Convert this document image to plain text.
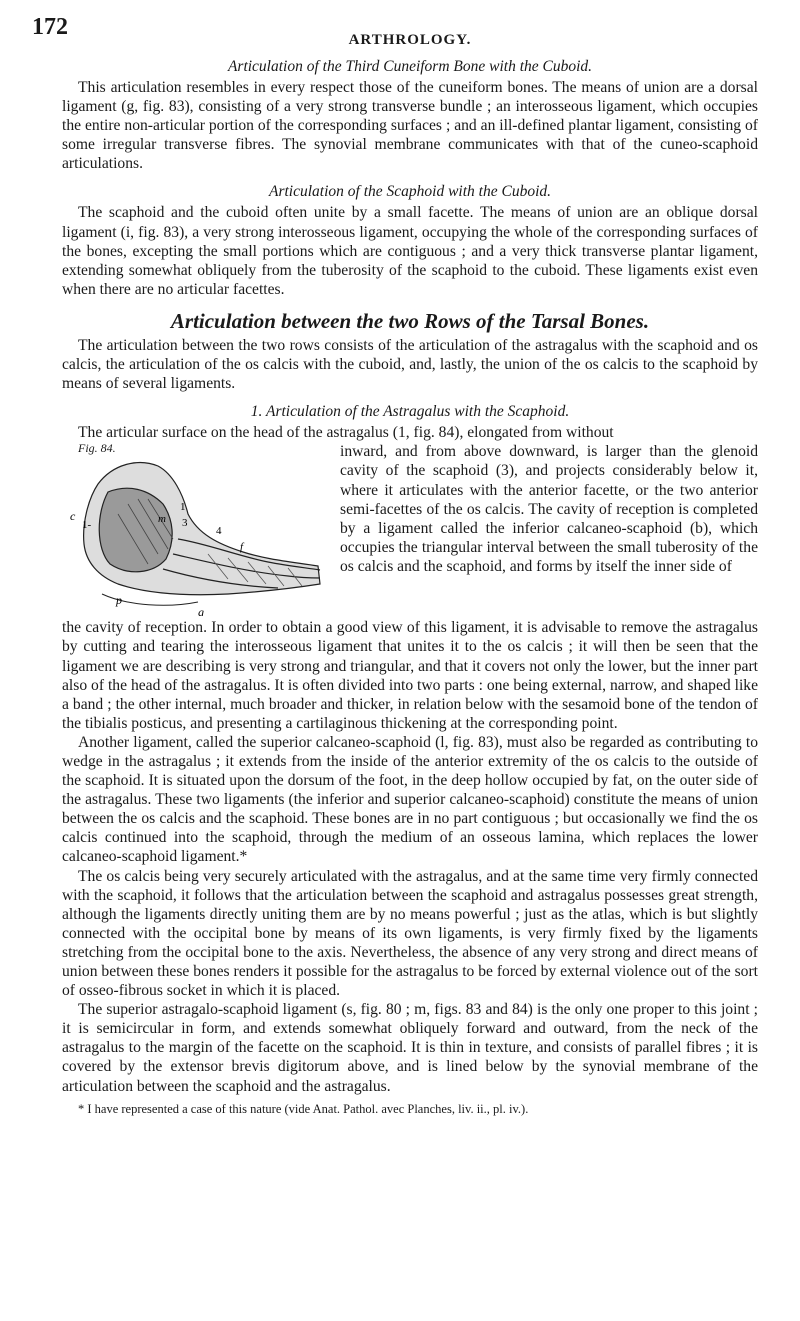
172	ARTHROLOGY.
Articulation of the Third Cuneiform Bone with the Cuboid.

This articulation resembles in every respect those of the cuneiform bones. The means of union are a dorsal ligament (g, fig. 83), consisting of a very strong transverse bundle ; an interosseous ligament, which occupies the entire non-articular portion of the corresponding surfaces ; and an ill-defined plantar ligament, consisting of some irregular transverse fibres. The synovial membrane communicates with that of the cuneo-scaphoid articulations.

Articulation of the Scaphoid with the Cuboid.

The scaphoid and the cuboid often unite by a small facette. The means of union are an oblique dorsal ligament (i, fig. 83), a very strong interosseous ligament, occupying the whole of the corresponding surfaces of the bones, excepting the small portions which are contiguous ; and a very thick transverse plantar ligament, extending somewhat obliquely from the tuberosity of the scaphoid to the cuboid. These ligaments exist even when there are no articular facettes.

Articulation between the two Rows of the Tarsal Bones.

The articulation between the two rows consists of the articulation of the astragalus with the scaphoid and os calcis, the articulation of the os calcis with the cuboid, and, lastly, the union of the os calcis to the scaphoid by means of several ligaments.

1. Articulation of the Astragalus with the Scaphoid.

The articular surface on the head of the astragalus (1, fig. 84), elongated from without

Fig. 84.
c
1-
1
m 3
4
f
p
g
inward, and from above downward, is larger than the glenoid cavity of the scaphoid (3), and projects considerably below it, where it articulates with the anterior facette, or the two anterior semi-facettes of the os calcis. The cavity of reception is completed by a ligament called the inferior calcaneo-scaphoid (b), which occupies the triangular interval between the small tuberosity of the os calcis and the scaphoid, and forms by itself the inner side of

the cavity of reception. In order to obtain a good view of this ligament, it is advisable to remove the astragalus by cutting and tearing the interosseous ligament that unites it to the os calcis ; it will then be seen that the ligament we are describing is very strong and triangular, and that it covers not only the lower, but the inner part also of the head of the astragalus. It is often divided into two parts : one being external, narrow, and shaped like a band ; the other internal, much broader and thicker, in relation below with the sesamoid bone of the tendon of the tibialis posticus, and presenting a cartilaginous thickening at the corresponding point.

Another ligament, called the superior calcaneo-scaphoid (l, fig. 83), must also be regarded as contributing to wedge in the astragalus ; it extends from the inside of the anterior extremity of the os calcis to the outside of the scaphoid. It is situated upon the dorsum of the foot, in the deep hollow occupied by fat, on the outer side of the astragalus. These two ligaments (the inferior and superior calcaneo-scaphoid) constitute the means of union between the os calcis and the scaphoid. These bones are in no part contiguous ; but occasionally we find the os calcis continued into the scaphoid, through the medium of an osseous lamina, which replaces the lower calcaneo-scaphoid ligament.*

The os calcis being very securely articulated with the astragalus, and at the same time very firmly connected with the scaphoid, it follows that the articulation between the scaphoid and astragalus possesses great strength, although the ligaments directly uniting them are by no means powerful ; just as the atlas, which is but slightly connected with the occipital bone by means of its own ligaments, is very firmly fixed by the ligaments stretching from the occipital bone to the axis. Nevertheless, the absence of any very strong and direct means of union between these bones renders it possible for the astragalus to be forced by external violence out of the sort of osseo-fibrous socket in which it is placed.

The superior astragalo-scaphoid ligament (s, fig. 80 ; m, figs. 83 and 84) is the only one proper to this joint ; it is semicircular in form, and extends somewhat obliquely forward and outward, from the neck of the astragalus to the margin of the facette on the scaphoid. It is thin in texture, and consists of parallel fibres ; it is covered by the extensor brevis digitorum above, and is lined below by the synovial membrane of the articulation between the scaphoid and the astragalus.

* I have represented a case of this nature (vide Anat. Pathol. avec Planches, liv. ii., pl. iv.).
